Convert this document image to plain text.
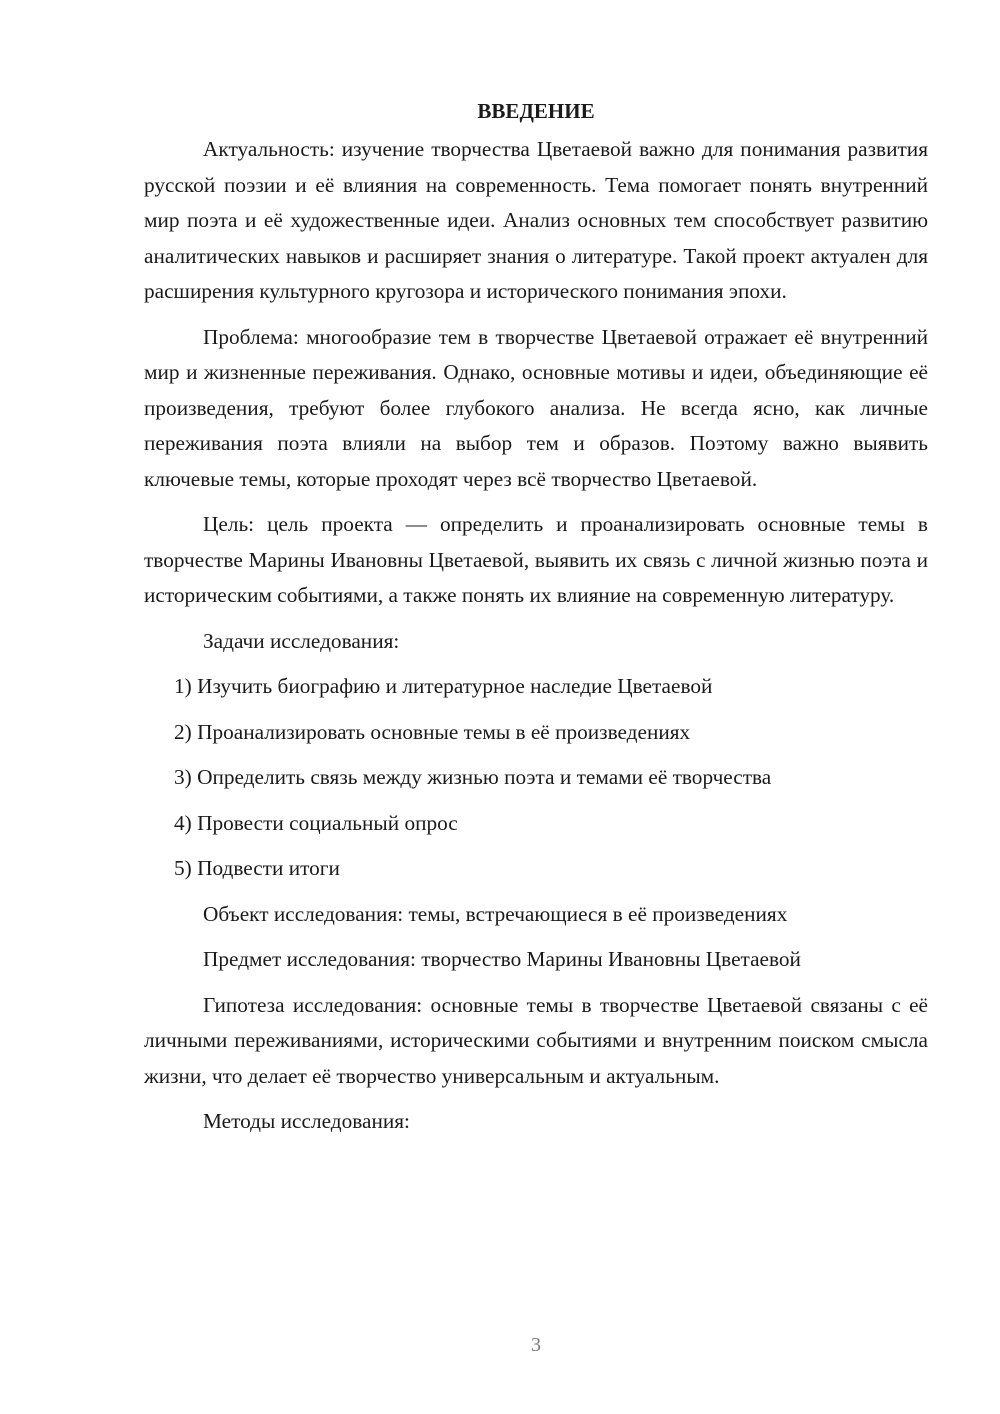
ВВЕДЕНИЕ

Актуальность: изучение творчества Цветаевой важно для понимания развития русской поэзии и её влияния на современность. Тема помогает понять внутренний мир поэта и её художественные идеи. Анализ основных тем способствует развитию аналитических навыков и расширяет знания о литературе. Такой проект актуален для расширения культурного кругозора и исторического понимания эпохи.

Проблема: многообразие тем в творчестве Цветаевой отражает её внутренний мир и жизненные переживания. Однако, основные мотивы и идеи, объединяющие её произведения, требуют более глубокого анализа. Не всегда ясно, как личные переживания поэта влияли на выбор тем и образов. Поэтому важно выявить ключевые темы, которые проходят через всё творчество Цветаевой.

Цель: цель проекта — определить и проанализировать основные темы в творчестве Марины Ивановны Цветаевой, выявить их связь с личной жизнью поэта и историческим событиями, а также понять их влияние на современную литературу.

Задачи исследования:

1) Изучить биографию и литературное наследие Цветаевой
2) Проанализировать основные темы в её произведениях
3) Определить связь между жизнью поэта и темами её творчества
4) Провести социальный опрос
5) Подвести итоги

Объект исследования: темы, встречающиеся в её произведениях

Предмет исследования: творчество Марины Ивановны Цветаевой

Гипотеза исследования: основные темы в творчестве Цветаевой связаны с её личными переживаниями, историческими событиями и внутренним поиском смысла жизни, что делает её творчество универсальным и актуальным.

Методы исследования:

3
